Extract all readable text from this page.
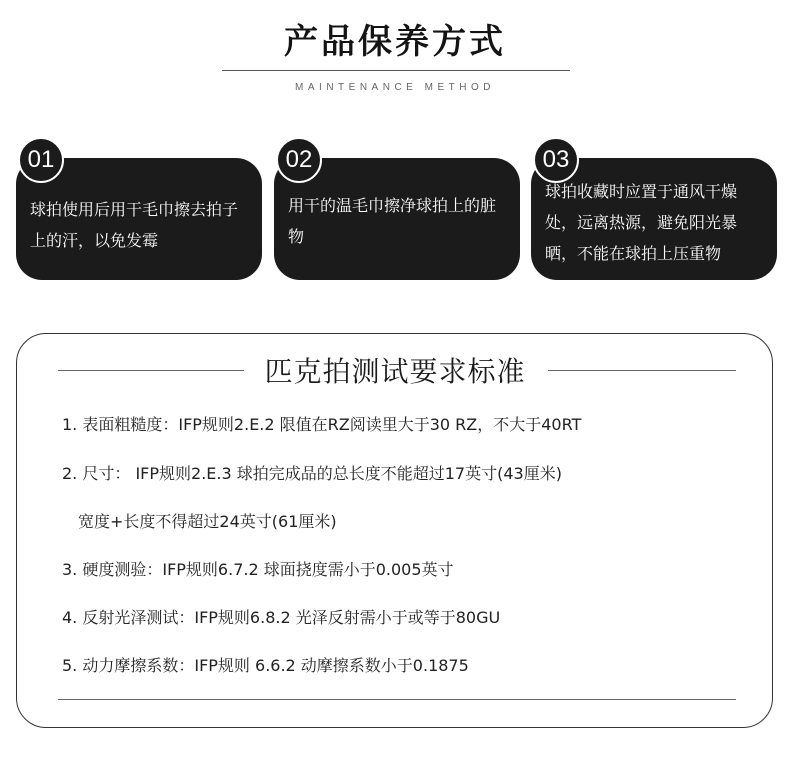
产品保养方式
MAINTENANCE METHOD
01
球拍使用后用干毛巾擦去拍子上的汗，以免发霉
02
用干的温毛巾擦净球拍上的脏物
03
球拍收藏时应置于通风干燥处，远离热源，避免阳光暴晒，不能在球拍上压重物
匹克拍测试要求标准
1. 表面粗糙度：IFP规则2.E.2 限值在RZ阅读里大于30 RZ，不大于40RT
2. 尺寸： IFP规则2.E.3 球拍完成品的总长度不能超过17英寸(43厘米)
宽度+长度不得超过24英寸(61厘米)
3. 硬度测验：IFP规则6.7.2 球面挠度需小于0.005英寸
4. 反射光泽测试：IFP规则6.8.2 光泽反射需小于或等于80GU
5. 动力摩擦系数：IFP规则 6.6.2 动摩擦系数小于0.1875
